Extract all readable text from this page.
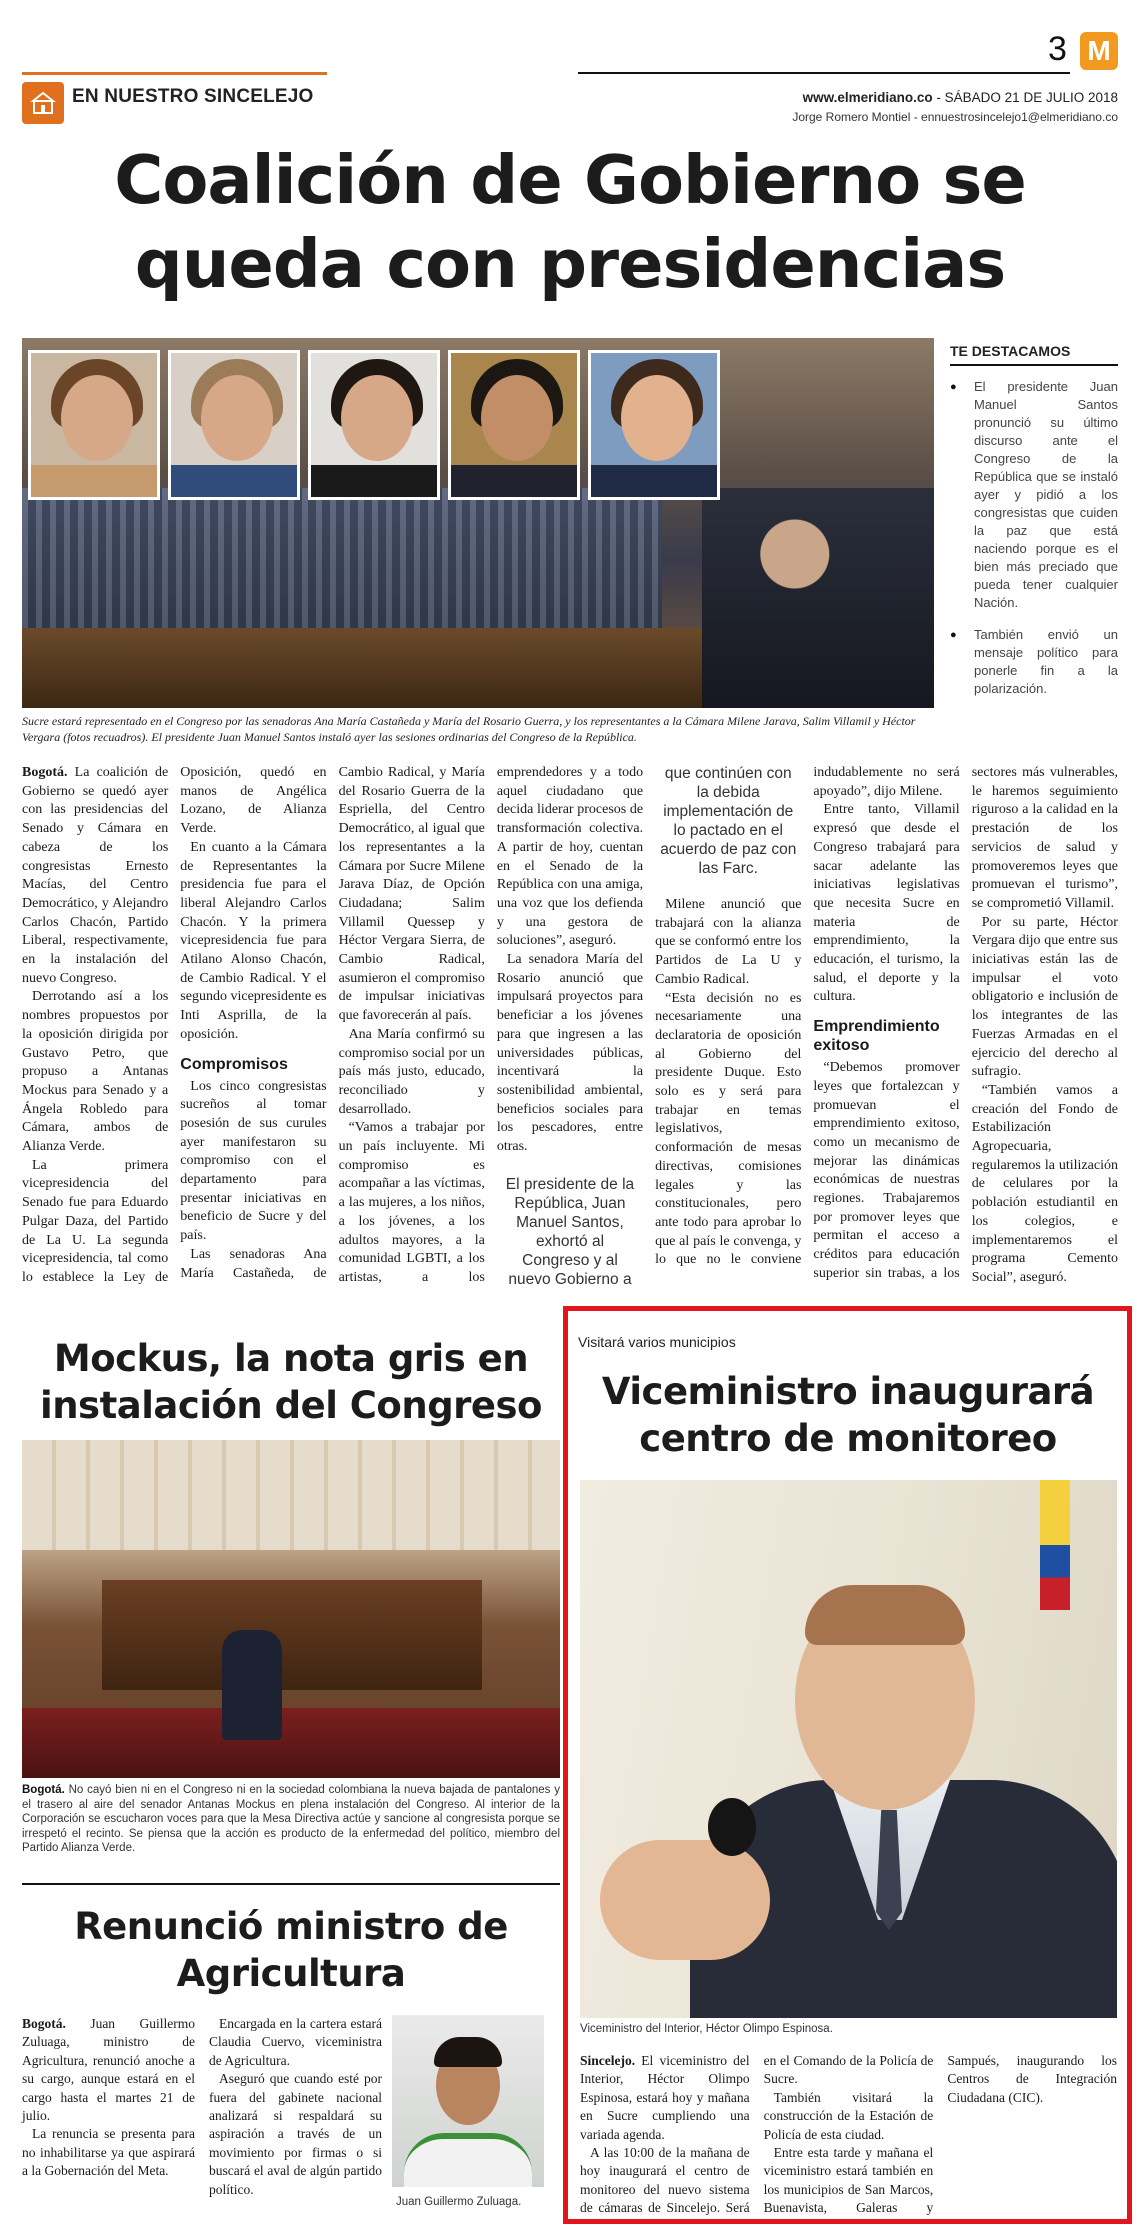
EN NUESTRO SINCELEJO
3 M
www.elmeridiano.co - SÁBADO 21 DE JULIO 2018
Jorge Romero Montiel - ennuestrosincelejo1@elmeridiano.co
Coalición de Gobierno se queda con presidencias

Sucre estará representado en el Congreso por las senadoras Ana María Castañeda y María del Rosario Guerra, y los representantes a la Cámara Milene Jarava, Salim Villamil y Héctor Vergara (fotos recuadros). El presidente Juan Manuel Santos instaló ayer las sesiones ordinarias del Congreso de la República.

TE DESTACAMOS
● El presidente Juan Manuel Santos pronunció su último discurso ante el Congreso de la República que se instaló ayer y pidió a los congresistas que cuiden la paz que está naciendo porque es el bien más preciado que pueda tener cualquier Nación.
● También envió un mensaje político para ponerle fin a la polarización.

Bogotá. La coalición de Gobierno se quedó ayer con las presidencias del Senado y Cámara en cabeza de los congresistas Ernesto Macías, del Centro Democrático, y Alejandro Carlos Chacón, Partido Liberal, respectivamente, en la instalación del nuevo Congreso.

Derrotando así a los nombres propuestos por la oposición dirigida por Gustavo Petro, que propuso a Antanas Mockus para Senado y a Ángela Robledo para Cámara, ambos de Alianza Verde.

La primera vicepresidencia del Senado fue para Eduardo Pulgar Daza, del Partido de La U. La segunda vicepresidencia, tal como lo establece la Ley de Oposición, quedó en manos de Angélica Lozano, de Alianza Verde.

En cuanto a la Cámara de Representantes la presidencia fue para el liberal Alejandro Carlos Chacón. Y la primera vicepresidencia fue para Atilano Alonso Chacón, de Cambio Radical. Y el segundo vicepresidente es Inti Asprilla, de la oposición.

Compromisos

Los cinco congresistas sucreños al tomar posesión de sus curules ayer manifestaron su compromiso con el departamento para presentar iniciativas en beneficio de Sucre y del país.

Las senadoras Ana María Castañeda, de Cambio Radical, y María del Rosario Guerra de la Espriella, del Centro Democrático, al igual que los representantes a la Cámara por Sucre Milene Jarava Díaz, de Opción Ciudadana; Salim Villamil Quessep y Héctor Vergara Sierra, de Cambio Radical, asumieron el compromiso de impulsar iniciativas que favorecerán al país.

Ana María confirmó su compromiso social por un país más justo, educado, reconciliado y desarrollado.

“Vamos a trabajar por un país incluyente. Mi compromiso es acompañar a las víctimas, a las mujeres, a los niños, a los jóvenes, a los adultos mayores, a la comunidad LGBTI, a los artistas, a los emprendedores y a todo aquel ciudadano que decida liderar procesos de transformación colectiva. A partir de hoy, cuentan en el Senado de la República con una amiga, una voz que los defienda y una gestora de soluciones”, aseguró.

La senadora María del Rosario anunció que impulsará proyectos para beneficiar a los jóvenes para que ingresen a las universidades públicas, incentivará la sostenibilidad ambiental, beneficios sociales para los pescadores, entre otras.

El presidente de la República, Juan Manuel Santos, exhortó al Congreso y al nuevo Gobierno a que continúen con la debida implementación de lo pactado en el acuerdo de paz con las Farc.

Milene anunció que trabajará con la alianza que se conformó entre los Partidos de La U y Cambio Radical.

“Esta decisión no es necesariamente una declaratoria de oposición al Gobierno del presidente Duque. Esto solo es y será para trabajar en temas legislativos, conformación de mesas directivas, comisiones legales y las constitucionales, pero ante todo para aprobar lo que al país le convenga, y lo que no le conviene indudablemente no será apoyado”, dijo Milene.

Entre tanto, Villamil expresó que desde el Congreso trabajará para sacar adelante las iniciativas legislativas que necesita Sucre en materia de emprendimiento, la educación, el turismo, la salud, el deporte y la cultura.

Emprendimiento exitoso

“Debemos promover leyes que fortalezcan y promuevan el emprendimiento exitoso, como un mecanismo de mejorar las dinámicas económicas de nuestras regiones. Trabajaremos por promover leyes que permitan el acceso a créditos para educación superior sin trabas, a los sectores más vulnerables, le haremos seguimiento riguroso a la calidad en la prestación de los servicios de salud y promoveremos leyes que promuevan el turismo”, se comprometió Villamil.

Por su parte, Héctor Vergara dijo que entre sus iniciativas están las de impulsar el voto obligatorio e inclusión de los integrantes de las Fuerzas Armadas en el ejercicio del derecho al sufragio.

“También vamos a creación del Fondo de Estabilización Agropecuaria, regularemos la utilización de celulares por la población estudiantil en los colegios, e implementaremos el programa Cemento Social”, aseguró.

Mockus, la nota gris en instalación del Congreso

Bogotá. No cayó bien ni en el Congreso ni en la sociedad colombiana la nueva bajada de pantalones y el trasero al aire del senador Antanas Mockus en plena instalación del Congreso. Al interior de la Corporación se escucharon voces para que la Mesa Directiva actúe y sancione al congresista porque se irrespetó el recinto. Se piensa que la acción es producto de la enfermedad del político, miembro del Partido Alianza Verde.

Renunció ministro de Agricultura

Bogotá. Juan Guillermo Zuluaga, ministro de Agricultura, renunció anoche a su cargo, aunque estará en el cargo hasta el martes 21 de julio.

La renuncia se presenta para no inhabilitarse ya que aspirará a la Gobernación del Meta.

Encargada en la cartera estará Claudia Cuervo, viceministra de Agricultura.

Aseguró que cuando esté por fuera del gabinete nacional analizará si respaldará su aspiración a través de un movimiento por firmas o si buscará el aval de algún partido político.

Juan Guillermo Zuluaga.
Visitará varios municipios
Viceministro inaugurará centro de monitoreo
Viceministro del Interior, Héctor Olimpo Espinosa.

Sincelejo. El viceministro del Interior, Héctor Olimpo Espinosa, estará hoy y mañana en Sucre cumpliendo una variada agenda.

A las 10:00 de la mañana de hoy inaugurará el centro de monitoreo del nuevo sistema de cámaras de Sincelejo. Será en el Comando de la Policía de Sucre.

También visitará la construcción de la Estación de Policía de esta ciudad.

Entre esta tarde y mañana el viceministro estará también en los municipios de San Marcos, Buenavista, Galeras y Sampués, inaugurando los Centros de Integración Ciudadana (CIC).
